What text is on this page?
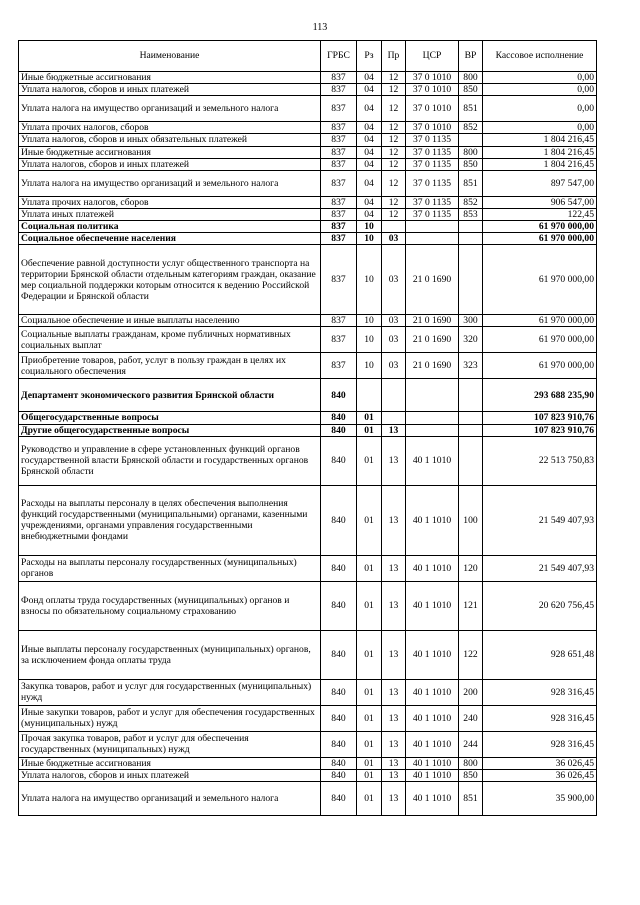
113
Наименование	ГРБС	Рз	Пр	ЦСР	ВР	Кассовое исполнение
Иные бюджетные ассигнования	837	04	12	37 0 1010	800	0,00
Уплата налогов, сборов и иных платежей	837	04	12	37 0 1010	850	0,00
Уплата налога на имущество организаций и земельного налога	837	04	12	37 0 1010	851	0,00
Уплата прочих налогов, сборов	837	04	12	37 0 1010	852	0,00
Уплата налогов, сборов и иных обязательных платежей	837	04	12	37 0 1135		1 804 216,45
Иные бюджетные ассигнования	837	04	12	37 0 1135	800	1 804 216,45
Уплата налогов, сборов и иных платежей	837	04	12	37 0 1135	850	1 804 216,45
Уплата налога на имущество организаций и земельного налога	837	04	12	37 0 1135	851	897 547,00
Уплата прочих налогов, сборов	837	04	12	37 0 1135	852	906 547,00
Уплата иных платежей	837	04	12	37 0 1135	853	122,45
Социальная политика	837	10				61 970 000,00
Социальное обеспечение населения	837	10	03			61 970 000,00
Обеспечение равной доступности услуг общественного транспорта на территории Брянской области отдельным категориям граждан, оказание мер социальной поддержки которым относится к ведению Российской Федерации и Брянской области	837	10	03	21 0 1690		61 970 000,00
Социальное обеспечение и иные выплаты населению	837	10	03	21 0 1690	300	61 970 000,00
Социальные выплаты гражданам, кроме публичных нормативных социальных выплат	837	10	03	21 0 1690	320	61 970 000,00
Приобретение товаров, работ, услуг в пользу граждан в целях их социального обеспечения	837	10	03	21 0 1690	323	61 970 000,00
Департамент экономического развития Брянской области	840					293 688 235,90
Общегосударственные вопросы	840	01				107 823 910,76
Другие общегосударственные вопросы	840	01	13			107 823 910,76
Руководство и управление в сфере установленных функций органов государственной власти Брянской области и государственных органов Брянской области	840	01	13	40 1 1010		22 513 750,83
Расходы на выплаты персоналу в целях обеспечения выполнения функций государственными (муниципальными) органами, казенными учреждениями, органами управления государственными внебюджетными фондами	840	01	13	40 1 1010	100	21 549 407,93
Расходы на выплаты персоналу государственных (муниципальных) органов	840	01	13	40 1 1010	120	21 549 407,93
Фонд оплаты труда государственных (муниципальных) органов и взносы по обязательному социальному страхованию	840	01	13	40 1 1010	121	20 620 756,45
Иные выплаты персоналу государственных (муниципальных) органов, за исключением фонда оплаты труда	840	01	13	40 1 1010	122	928 651,48
Закупка товаров, работ и услуг для государственных (муниципальных) нужд	840	01	13	40 1 1010	200	928 316,45
Иные закупки товаров, работ и услуг для обеспечения государственных (муниципальных) нужд	840	01	13	40 1 1010	240	928 316,45
Прочая закупка товаров, работ и услуг для обеспечения государственных (муниципальных) нужд	840	01	13	40 1 1010	244	928 316,45
Иные бюджетные ассигнования	840	01	13	40 1 1010	800	36 026,45
Уплата налогов, сборов и иных платежей	840	01	13	40 1 1010	850	36 026,45
Уплата налога на имущество организаций и земельного налога	840	01	13	40 1 1010	851	35 900,00
